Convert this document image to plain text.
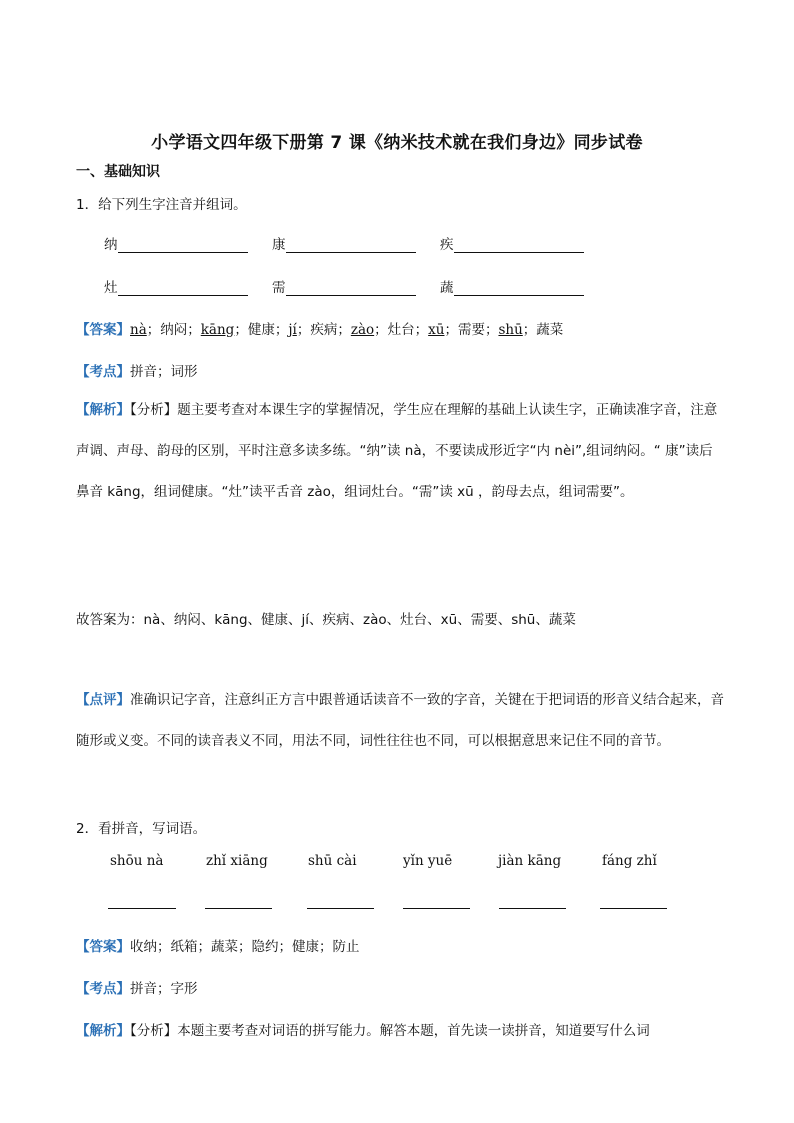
小学语文四年级下册第 7 课《纳米技术就在我们身边》同步试卷
一、基础知识
1．给下列生字注音并组词。
纳	康	疾
灶	需	蔬
【答案】nà；纳闷；kāng；健康；jí；疾病；zào；灶台；xū；需要；shū；蔬菜
【考点】拼音；词形
【解析】【分析】题主要考查对本课生字的掌握情况，学生应在理解的基础上认读生字，正确读准字音，注意声调、声母、韵母的区别，平时注意多读多练。“纳”读 nà，不要读成形近字“内 nèi”,组词纳闷。“ 康”读后鼻音 kāng，组词健康。“灶”读平舌音 zào，组词灶台。“需”读 xū ，韵母去点，组词需要”。
故答案为：nà、纳闷、kāng、健康、jí、疾病、zào、灶台、xū、需要、shū、蔬菜
【点评】准确识记字音，注意纠正方言中跟普通话读音不一致的字音，关键在于把词语的形音义结合起来，音随形或义变。不同的读音表义不同，用法不同，词性往往也不同，可以根据意思来记住不同的音节。
2．看拼音，写词语。
shōu nà	zhǐ xiāng	shū cài	yǐn yuē	jiàn kāng	fáng zhǐ
【答案】收纳；纸箱；蔬菜；隐约；健康；防止
【考点】拼音；字形
【解析】【分析】本题主要考查对词语的拼写能力。解答本题，首先读一读拼音，知道要写什么词
